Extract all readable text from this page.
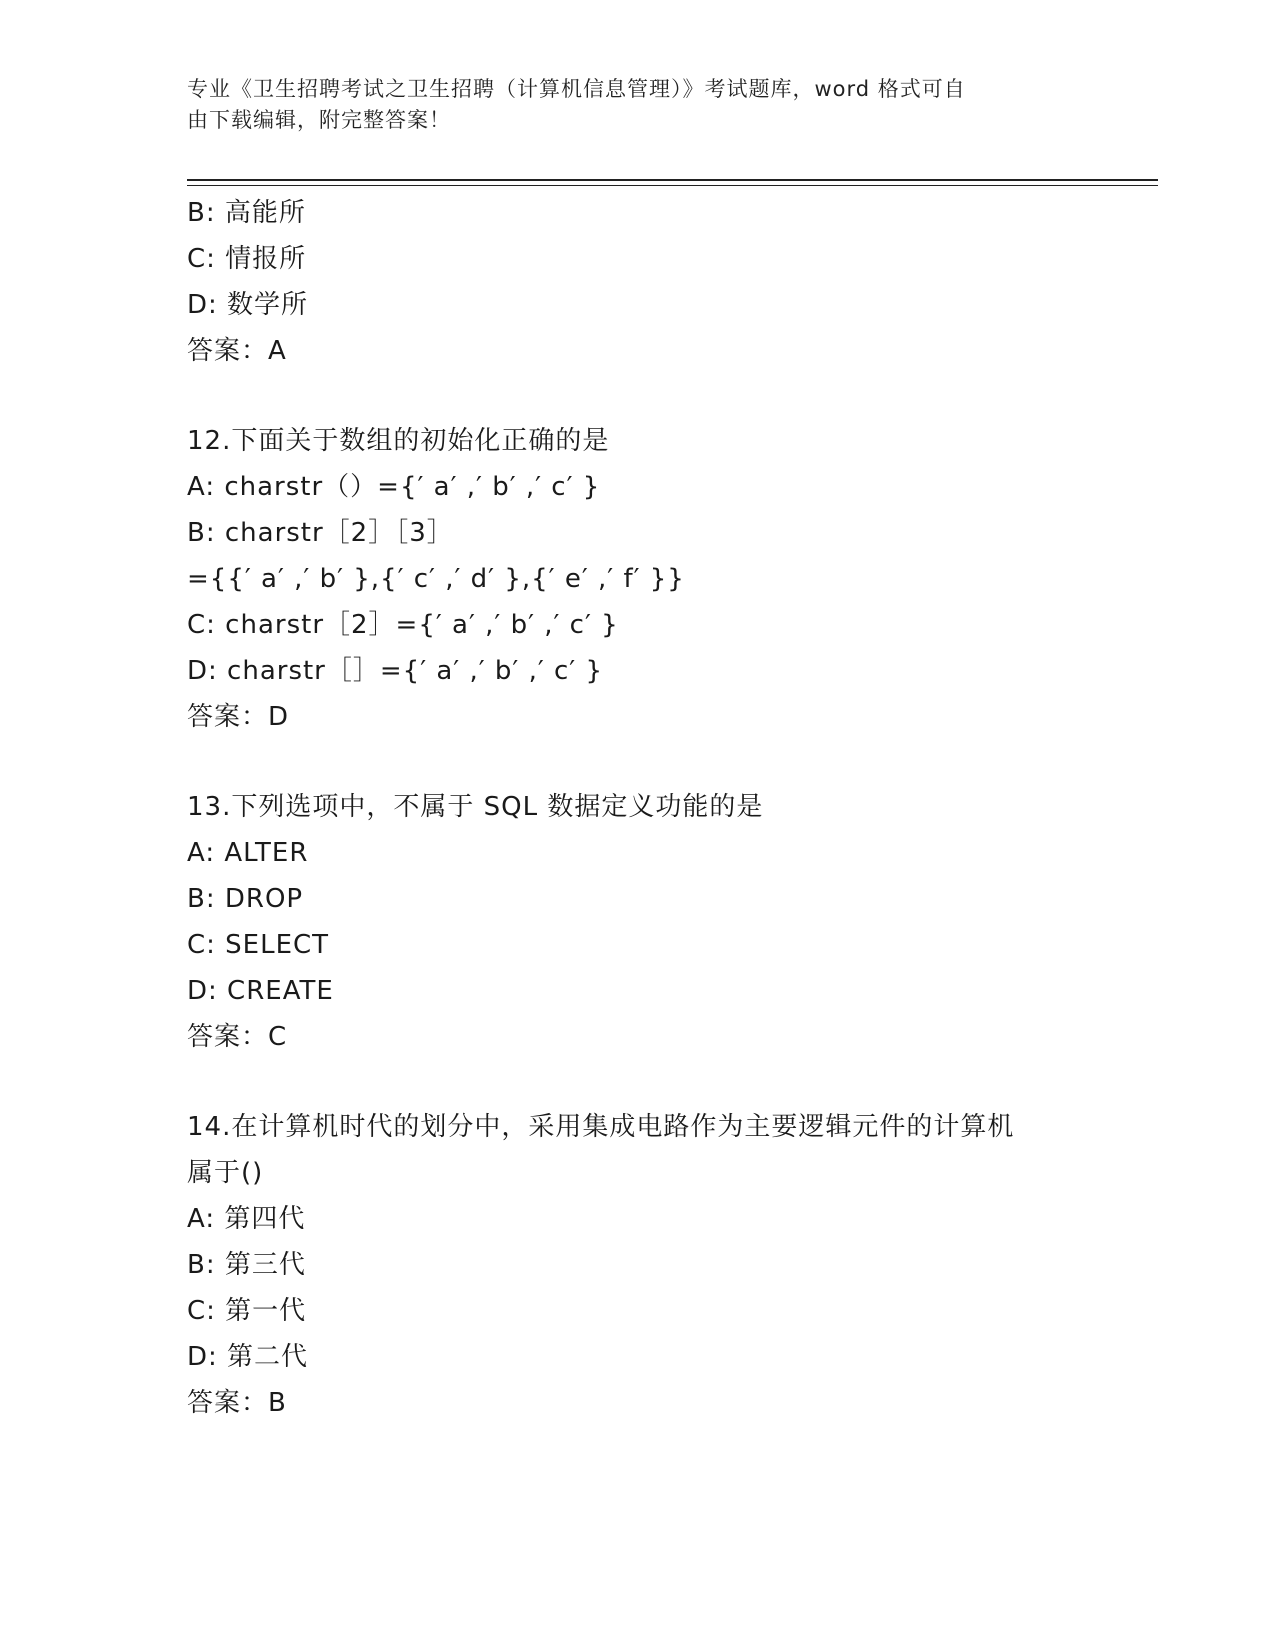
专业《卫生招聘考试之卫生招聘（计算机信息管理）》考试题库，word 格式可自
由下载编辑，附完整答案！
B: 高能所
C: 情报所
D: 数学所
答案：A
12.下面关于数组的初始化正确的是
A: charstr（）={′ a′ ,′ b′ ,′ c′ }
B: charstr［2］［3］
={{′ a′ ,′ b′ },{′ c′ ,′ d′ },{′ e′ ,′ f′ }}
C: charstr［2］={′ a′ ,′ b′ ,′ c′ }
D: charstr［］={′ a′ ,′ b′ ,′ c′ }
答案：D
13.下列选项中，不属于 SQL 数据定义功能的是
A: ALTER
B: DROP
C: SELECT
D: CREATE
答案：C
14.在计算机时代的划分中，采用集成电路作为主要逻辑元件的计算机
属于()
A: 第四代
B: 第三代
C: 第一代
D: 第二代
答案：B
